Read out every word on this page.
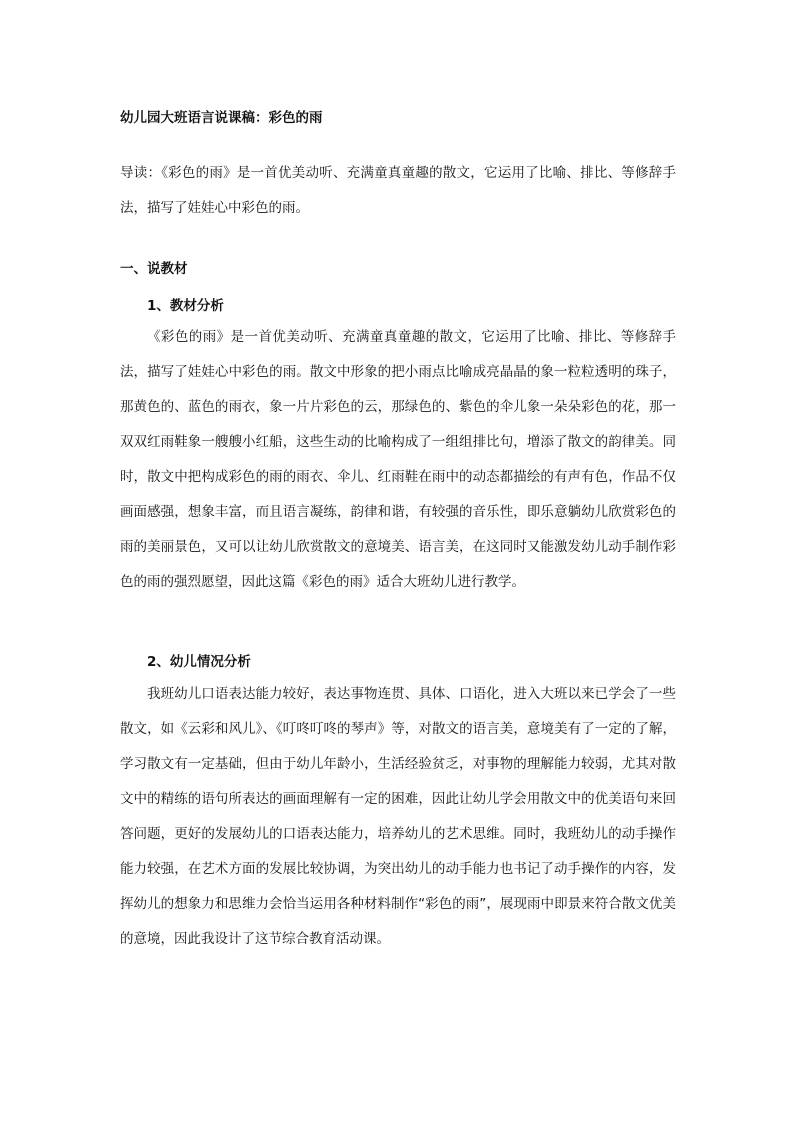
幼儿园大班语言说课稿：彩色的雨
导读：《彩色的雨》是一首优美动听、充满童真童趣的散文，它运用了比喻、排比、等修辞手法，描写了娃娃心中彩色的雨。
一、说教材
1、教材分析
《彩色的雨》是一首优美动听、充满童真童趣的散文，它运用了比喻、排比、等修辞手法，描写了娃娃心中彩色的雨。散文中形象的把小雨点比喻成亮晶晶的象一粒粒透明的珠子，那黄色的、蓝色的雨衣，象一片片彩色的云，那绿色的、紫色的伞儿象一朵朵彩色的花，那一双双红雨鞋象一艘艘小红船，这些生动的比喻构成了一组组排比句，增添了散文的韵律美。同时，散文中把构成彩色的雨的雨衣、伞儿、红雨鞋在雨中的动态都描绘的有声有色，作品不仅画面感强，想象丰富，而且语言凝练，韵律和谐，有较强的音乐性，即乐意躺幼儿欣赏彩色的雨的美丽景色，又可以让幼儿欣赏散文的意境美、语言美，在这同时又能激发幼儿动手制作彩色的雨的强烈愿望，因此这篇《彩色的雨》适合大班幼儿进行教学。
2、幼儿情况分析
我班幼儿口语表达能力较好，表达事物连贯、具体、口语化，进入大班以来已学会了一些散文，如《云彩和风儿》、《叮咚叮咚的琴声》等，对散文的语言美，意境美有了一定的了解，学习散文有一定基础，但由于幼儿年龄小，生活经验贫乏，对事物的理解能力较弱，尤其对散文中的精练的语句所表达的画面理解有一定的困难，因此让幼儿学会用散文中的优美语句来回答问题，更好的发展幼儿的口语表达能力，培养幼儿的艺术思维。同时，我班幼儿的动手操作能力较强，在艺术方面的发展比较协调，为突出幼儿的动手能力也书记了动手操作的内容，发挥幼儿的想象力和思维力会恰当运用各种材料制作“彩色的雨”，展现雨中即景来符合散文优美的意境，因此我设计了这节综合教育活动课。
